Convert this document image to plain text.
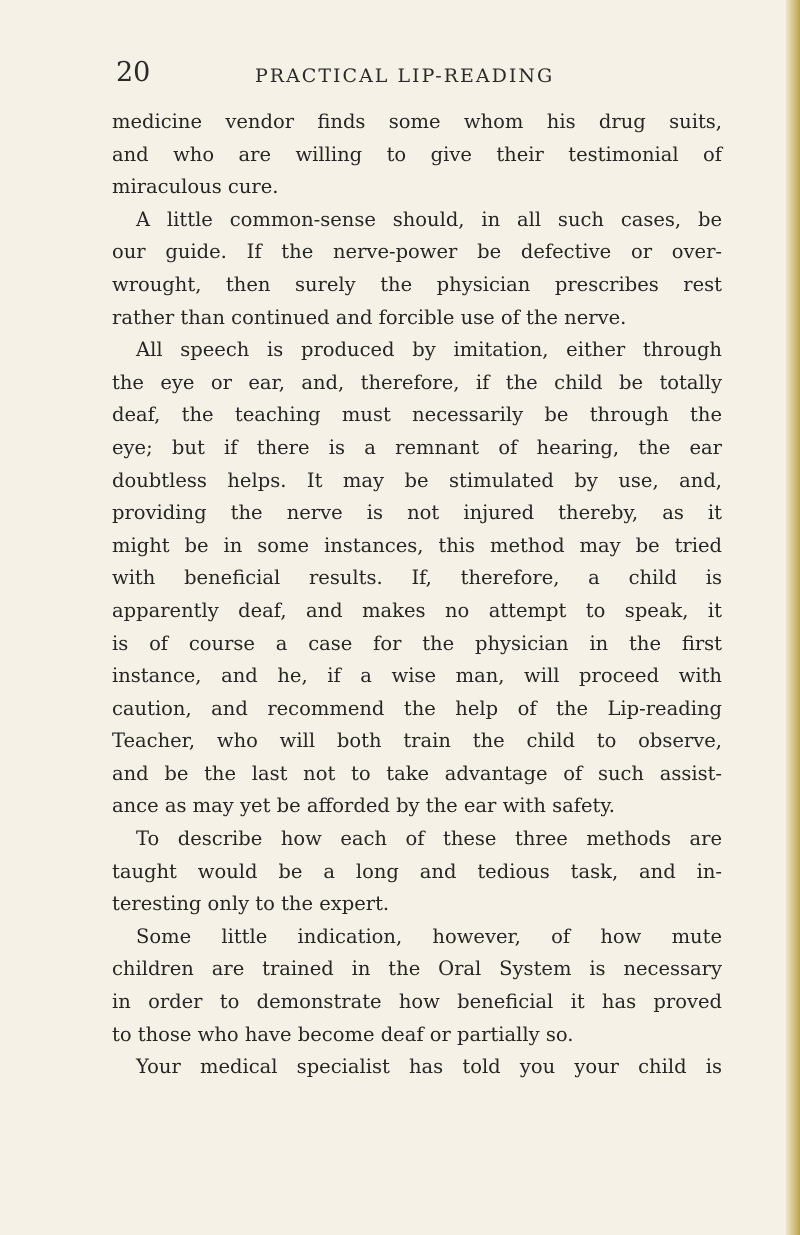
20	PRACTICAL LIP-READING
medicine vendor finds some whom his drug suits,
and who are willing to give their testimonial of
miraculous cure.
A little common-sense should, in all such cases, be
our guide. If the nerve-power be defective or over-
wrought, then surely the physician prescribes rest
rather than continued and forcible use of the nerve.
All speech is produced by imitation, either through
the eye or ear, and, therefore, if the child be totally
deaf, the teaching must necessarily be through the
eye; but if there is a remnant of hearing, the ear
doubtless helps. It may be stimulated by use, and,
providing the nerve is not injured thereby, as it
might be in some instances, this method may be tried
with beneficial results. If, therefore, a child is
apparently deaf, and makes no attempt to speak, it
is of course a case for the physician in the first
instance, and he, if a wise man, will proceed with
caution, and recommend the help of the Lip-reading
Teacher, who will both train the child to observe,
and be the last not to take advantage of such assist-
ance as may yet be afforded by the ear with safety.
To describe how each of these three methods are
taught would be a long and tedious task, and in-
teresting only to the expert.
Some little indication, however, of how mute
children are trained in the Oral System is necessary
in order to demonstrate how beneficial it has proved
to those who have become deaf or partially so.
Your medical specialist has told you your child is
